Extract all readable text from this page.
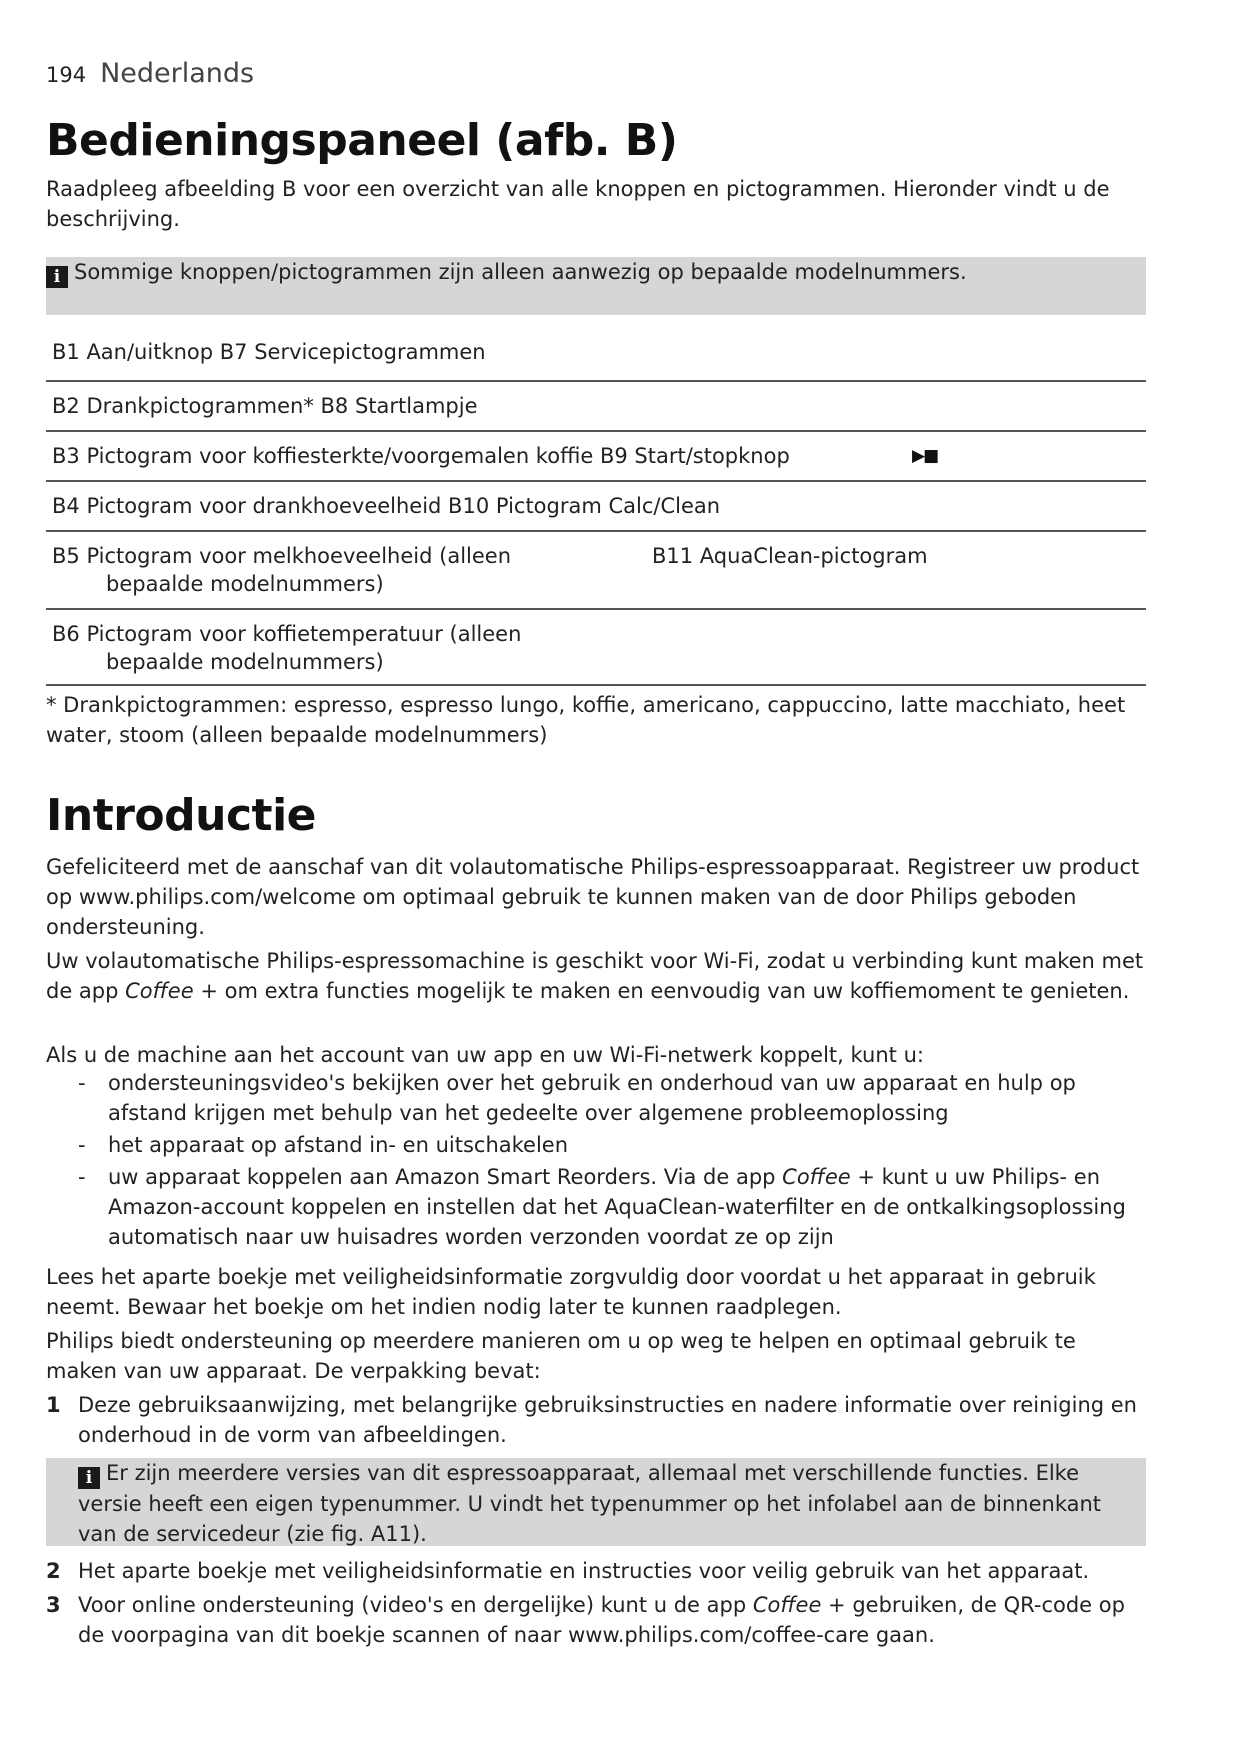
194 Nederlands
Bedieningspaneel (afb. B)

Raadpleeg afbeelding B voor een overzicht van alle knoppen en pictogrammen. Hieronder vindt u de beschrijving.

i Sommige knoppen/pictogrammen zijn alleen aanwezig op bepaalde modelnummers.
B1 Aan/uitknop B7 Servicepictogrammen
B2 Drankpictogrammen* B8 Startlampje
B3 Pictogram voor koffiesterkte/voorgemalen koffie B9 Start/stopknop	▶■
B4 Pictogram voor drankhoeveelheid B10 Pictogram Calc/Clean
B5 Pictogram voor melkhoeveelheid (alleen
bepaalde modelnummers)
B11 AquaClean-pictogram
B6 Pictogram voor koffietemperatuur (alleen
bepaalde modelnummers)

* Drankpictogrammen: espresso, espresso lungo, koffie, americano, cappuccino, latte macchiato, heet water, stoom (alleen bepaalde modelnummers)

Introductie

Gefeliciteerd met de aanschaf van dit volautomatische Philips-espressoapparaat. Registreer uw product op www.philips.com/welcome om optimaal gebruik te kunnen maken van de door Philips geboden ondersteuning.

Uw volautomatische Philips-espressomachine is geschikt voor Wi-Fi, zodat u verbinding kunt maken met de app Coffee + om extra functies mogelijk te maken en eenvoudig van uw koffiemoment te genieten.

Als u de machine aan het account van uw app en uw Wi-Fi-netwerk koppelt, kunt u:

- ondersteuningsvideo's bekijken over het gebruik en onderhoud van uw apparaat en hulp op afstand krijgen met behulp van het gedeelte over algemene probleemoplossing
- het apparaat op afstand in- en uitschakelen
- uw apparaat koppelen aan Amazon Smart Reorders. Via de app Coffee + kunt u uw Philips- en Amazon-account koppelen en instellen dat het AquaClean-waterfilter en de ontkalkingsoplossing automatisch naar uw huisadres worden verzonden voordat ze op zijn

Lees het aparte boekje met veiligheidsinformatie zorgvuldig door voordat u het apparaat in gebruik neemt. Bewaar het boekje om het indien nodig later te kunnen raadplegen.

Philips biedt ondersteuning op meerdere manieren om u op weg te helpen en optimaal gebruik te maken van uw apparaat. De verpakking bevat:

1 Deze gebruiksaanwijzing, met belangrijke gebruiksinstructies en nadere informatie over reiniging en onderhoud in de vorm van afbeeldingen.
i Er zijn meerdere versies van dit espressoapparaat, allemaal met verschillende functies. Elke versie heeft een eigen typenummer. U vindt het typenummer op het infolabel aan de binnenkant van de servicedeur (zie fig. A11).
2 Het aparte boekje met veiligheidsinformatie en instructies voor veilig gebruik van het apparaat.
3 Voor online ondersteuning (video's en dergelijke) kunt u de app Coffee + gebruiken, de QR-code op de voorpagina van dit boekje scannen of naar www.philips.com/coffee-care gaan.
